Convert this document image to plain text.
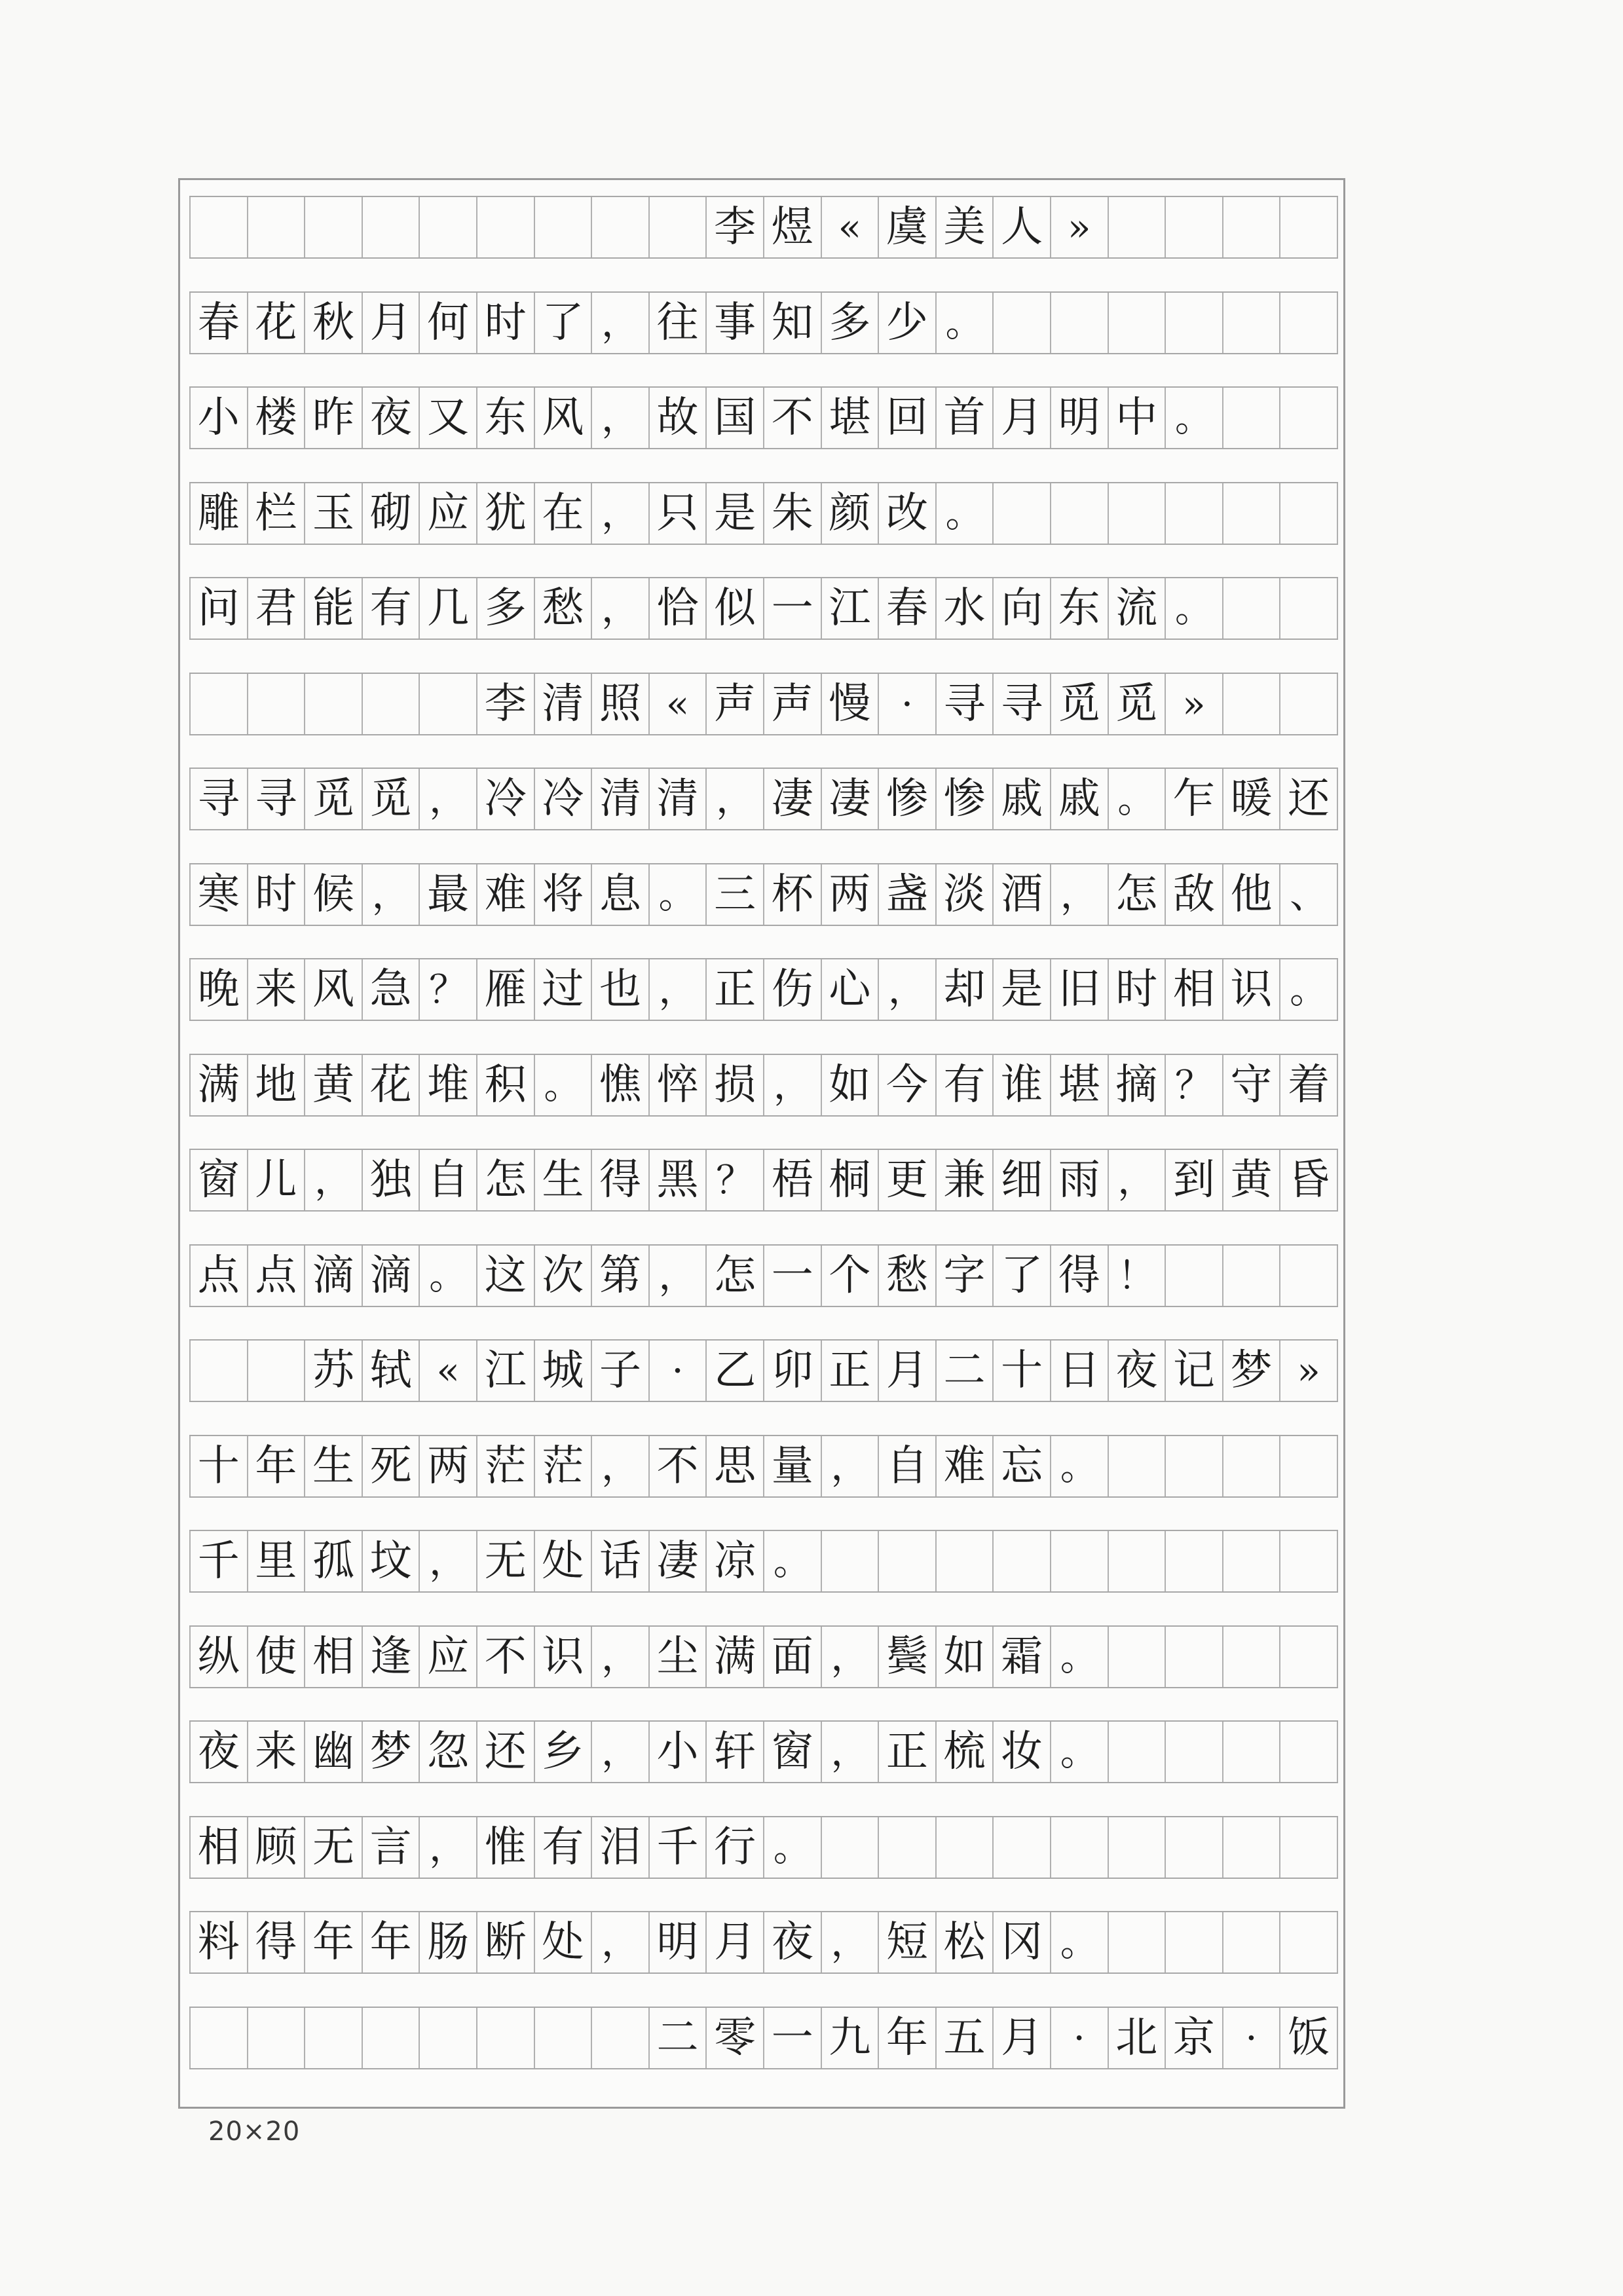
李 煜 « 虞 美 人 »
春 花 秋 月 何 时 了 ， 往 事 知 多 少 。
小 楼 昨 夜 又 东 风 ， 故 国 不 堪 回 首 月 明 中 。
雕 栏 玉 砌 应 犹 在 ， 只 是 朱 颜 改 。
问 君 能 有 几 多 愁 ， 恰 似 一 江 春 水 向 东 流 。
李 清 照 « 声 声 慢 · 寻 寻 觅 觅 »
寻 寻 觅 觅 ， 冷 冷 清 清 ， 凄 凄 惨 惨 戚 戚 。 乍 暖 还
寒 时 候 ， 最 难 将 息 。 三 杯 两 盏 淡 酒 ， 怎 敌 他 、
晚 来 风 急 ？ 雁 过 也 ， 正 伤 心 ， 却 是 旧 时 相 识 。
满 地 黄 花 堆 积 。 憔 悴 损 ， 如 今 有 谁 堪 摘 ？ 守 着
窗 儿 ， 独 自 怎 生 得 黑 ？ 梧 桐 更 兼 细 雨 ， 到 黄 昏
点 点 滴 滴 。 这 次 第 ， 怎 一 个 愁 字 了 得 ！
苏 轼 « 江 城 子 · 乙 卯 正 月 二 十 日 夜 记 梦 »
十 年 生 死 两 茫 茫 ， 不 思 量 ， 自 难 忘 。
千 里 孤 坟 ， 无 处 话 凄 凉 。
纵 使 相 逢 应 不 识 ， 尘 满 面 ， 鬓 如 霜 。
夜 来 幽 梦 忽 还 乡 ， 小 轩 窗 ， 正 梳 妆 。
相 顾 无 言 ， 惟 有 泪 千 行 。
料 得 年 年 肠 断 处 ， 明 月 夜 ， 短 松 冈 。
二 零 一 九 年 五 月 · 北 京 · 饭
20×20
